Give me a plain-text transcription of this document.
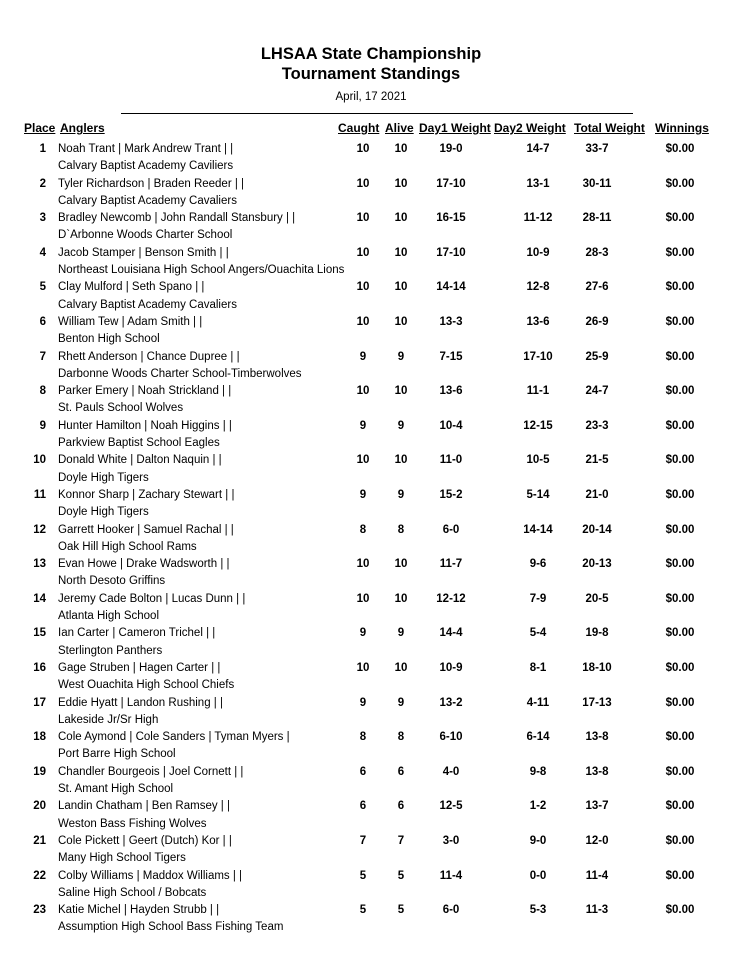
LHSAA State Championship
Tournament Standings
April, 17 2021
Place Anglers	Caught Alive Day1 Weight Day2 Weight Total Weight Winnings
1 Noah Trant | Mark Andrew Trant | |
Calvary Baptist Academy Caviliers
10	10	19-0	14-7	33-7	$0.00
2 Tyler Richardson | Braden Reeder | |
Calvary Baptist Academy Cavaliers
10	10	17-10	13-1	30-11	$0.00
3 Bradley Newcomb | John Randall Stansbury | |
D`Arbonne Woods Charter School
10	10	16-15	11-12	28-11	$0.00
4 Jacob Stamper | Benson Smith | |
Northeast Louisiana High School Angers/Ouachita Lions
10	10	17-10	10-9	28-3	$0.00
5 Clay Mulford | Seth Spano | |
Calvary Baptist Academy Cavaliers
10	10	14-14	12-8	27-6	$0.00
6 William Tew | Adam Smith | |
Benton High School
10	10	13-3	13-6	26-9	$0.00
7 Rhett Anderson | Chance Dupree | |
Darbonne Woods Charter School-Timberwolves
9	9	7-15	17-10	25-9	$0.00
8 Parker Emery | Noah Strickland | |
St. Pauls School Wolves
10	10	13-6	11-1	24-7	$0.00
9 Hunter Hamilton | Noah Higgins | |
Parkview Baptist School Eagles
9	9	10-4	12-15	23-3	$0.00
10 Donald White | Dalton Naquin | |
Doyle High Tigers
10	10	11-0	10-5	21-5	$0.00
11 Konnor Sharp | Zachary Stewart | |
Doyle High Tigers
9	9	15-2	5-14	21-0	$0.00
12 Garrett Hooker | Samuel Rachal | |
Oak Hill High School Rams
8	8	6-0	14-14	20-14	$0.00
13 Evan Howe | Drake Wadsworth | |
North Desoto Griffins
10	10	11-7	9-6	20-13	$0.00
14 Jeremy Cade Bolton | Lucas Dunn | |
Atlanta High School
10	10	12-12	7-9	20-5	$0.00
15 Ian Carter | Cameron Trichel | |
Sterlington Panthers
9	9	14-4	5-4	19-8	$0.00
16 Gage Struben | Hagen Carter | |
West Ouachita High School Chiefs
10	10	10-9	8-1	18-10	$0.00
17 Eddie Hyatt | Landon Rushing | |
Lakeside Jr/Sr High
9	9	13-2	4-11	17-13	$0.00
18 Cole Aymond | Cole Sanders | Tyman Myers |
Port Barre High School
8	8	6-10	6-14	13-8	$0.00
19 Chandler Bourgeois | Joel Cornett | |
St. Amant High School
6	6	4-0	9-8	13-8	$0.00
20 Landin Chatham | Ben Ramsey | |
Weston Bass Fishing Wolves
6	6	12-5	1-2	13-7	$0.00
21 Cole Pickett | Geert (Dutch) Kor | |
Many High School Tigers
7	7	3-0	9-0	12-0	$0.00
22 Colby Williams | Maddox Williams | |
Saline High School / Bobcats
5	5	11-4	0-0	11-4	$0.00
23 Katie Michel | Hayden Strubb | |
Assumption High School Bass Fishing Team
5	5	6-0	5-3	11-3	$0.00
